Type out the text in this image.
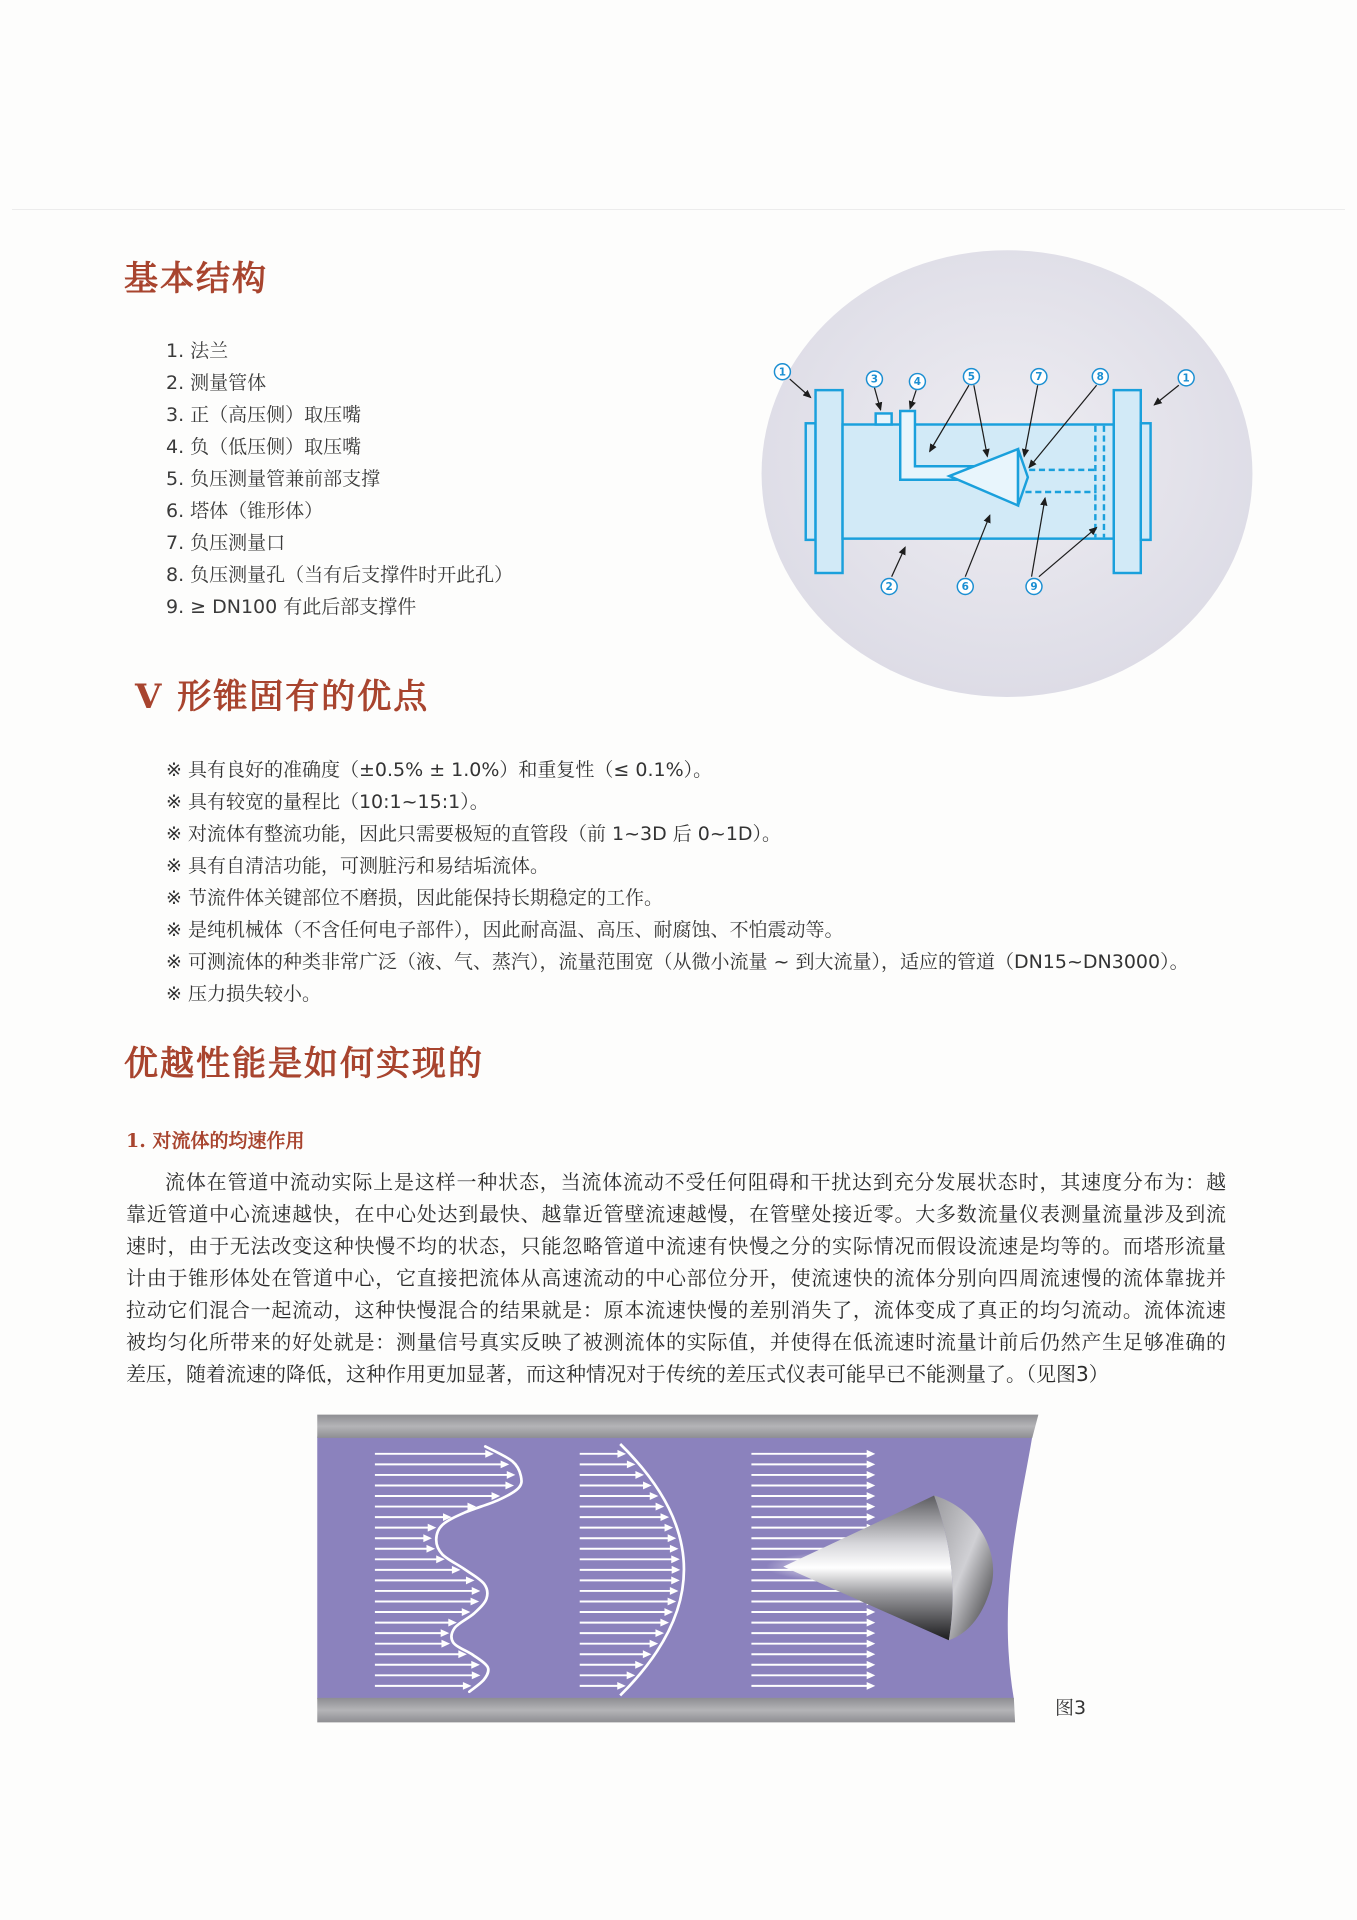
基本结构
1. 法兰
2. 测量管体
3. 正（高压侧）取压嘴
4. 负（低压侧）取压嘴
5. 负压测量管兼前部支撑
6. 塔体（锥形体）
7. 负压测量口
8. 负压测量孔（当有后支撑件时开此孔）
9. ≥ DN100 有此后部支撑件
1
3	4	5	7	8	1
2	6	9
V 形锥固有的优点
※ 具有良好的准确度（±0.5% ± 1.0%）和重复性（≤ 0.1%）。
※ 具有较宽的量程比（10:1~15:1）。
※ 对流体有整流功能，因此只需要极短的直管段（前 1~3D 后 0~1D）。
※ 具有自清洁功能，可测脏污和易结垢流体。
※ 节流件体关键部位不磨损，因此能保持长期稳定的工作。
※ 是纯机械体（不含任何电子部件），因此耐高温、高压、耐腐蚀、不怕震动等。
※ 可测流体的种类非常广泛（液、气、蒸汽），流量范围宽（从微小流量 ~ 到大流量），适应的管道（DN15~DN3000）。
※ 压力损失较小。
优越性能是如何实现的
1. 对流体的均速作用
流体在管道中流动实际上是这样一种状态，当流体流动不受任何阻碍和干扰达到充分发展状态时，其速度分布为：越
靠近管道中心流速越快，在中心处达到最快、越靠近管壁流速越慢，在管壁处接近零。大多数流量仪表测量流量涉及到流
速时，由于无法改变这种快慢不均的状态，只能忽略管道中流速有快慢之分的实际情况而假设流速是均等的。而塔形流量
计由于锥形体处在管道中心，它直接把流体从高速流动的中心部位分开，使流速快的流体分别向四周流速慢的流体靠拢并
拉动它们混合一起流动，这种快慢混合的结果就是：原本流速快慢的差别消失了，流体变成了真正的均匀流动。流体流速
被均匀化所带来的好处就是：测量信号真实反映了被测流体的实际值，并使得在低流速时流量计前后仍然产生足够准确的
差压，随着流速的降低，这种作用更加显著，而这种情况对于传统的差压式仪表可能早已不能测量了。（见图3）
图3
